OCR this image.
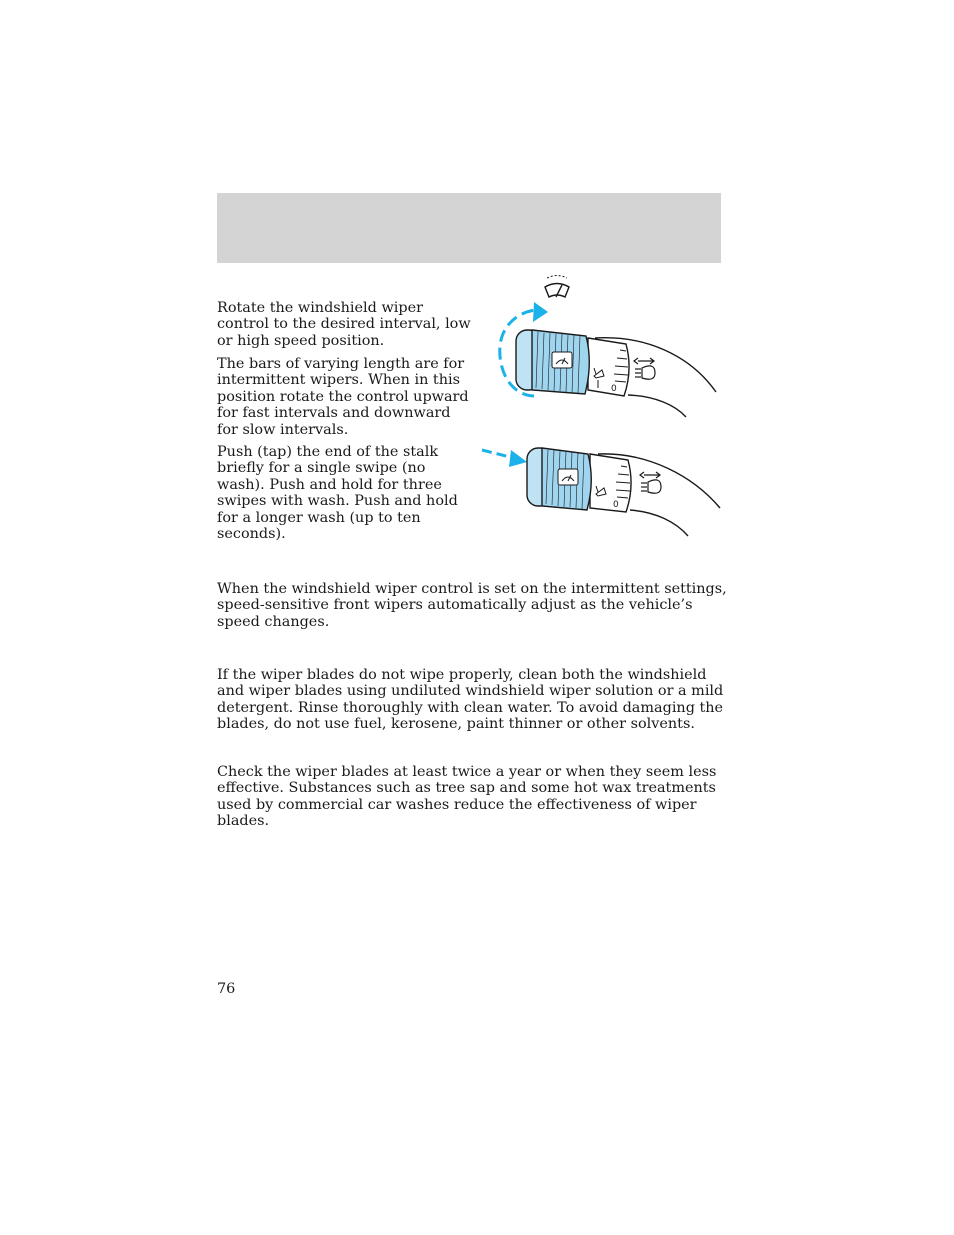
Rotate the windshield wiper control to the desired interval, low or high speed position.

The bars of varying length are for intermittent wipers. When in this position rotate the control upward for fast intervals and downward for slow intervals.

Push (tap) the end of the stalk briefly for a single swipe (no wash). Push and hold for three swipes with wash. Push and hold for a longer wash (up to ten seconds).

0
0

When the windshield wiper control is set on the intermittent settings, speed-sensitive front wipers automatically adjust as the vehicle’s speed changes.

If the wiper blades do not wipe properly, clean both the windshield and wiper blades using undiluted windshield wiper solution or a mild detergent. Rinse thoroughly with clean water. To avoid damaging the blades, do not use fuel, kerosene, paint thinner or other solvents.

Check the wiper blades at least twice a year or when they seem less effective. Substances such as tree sap and some hot wax treatments used by commercial car washes reduce the effectiveness of wiper blades.

76
